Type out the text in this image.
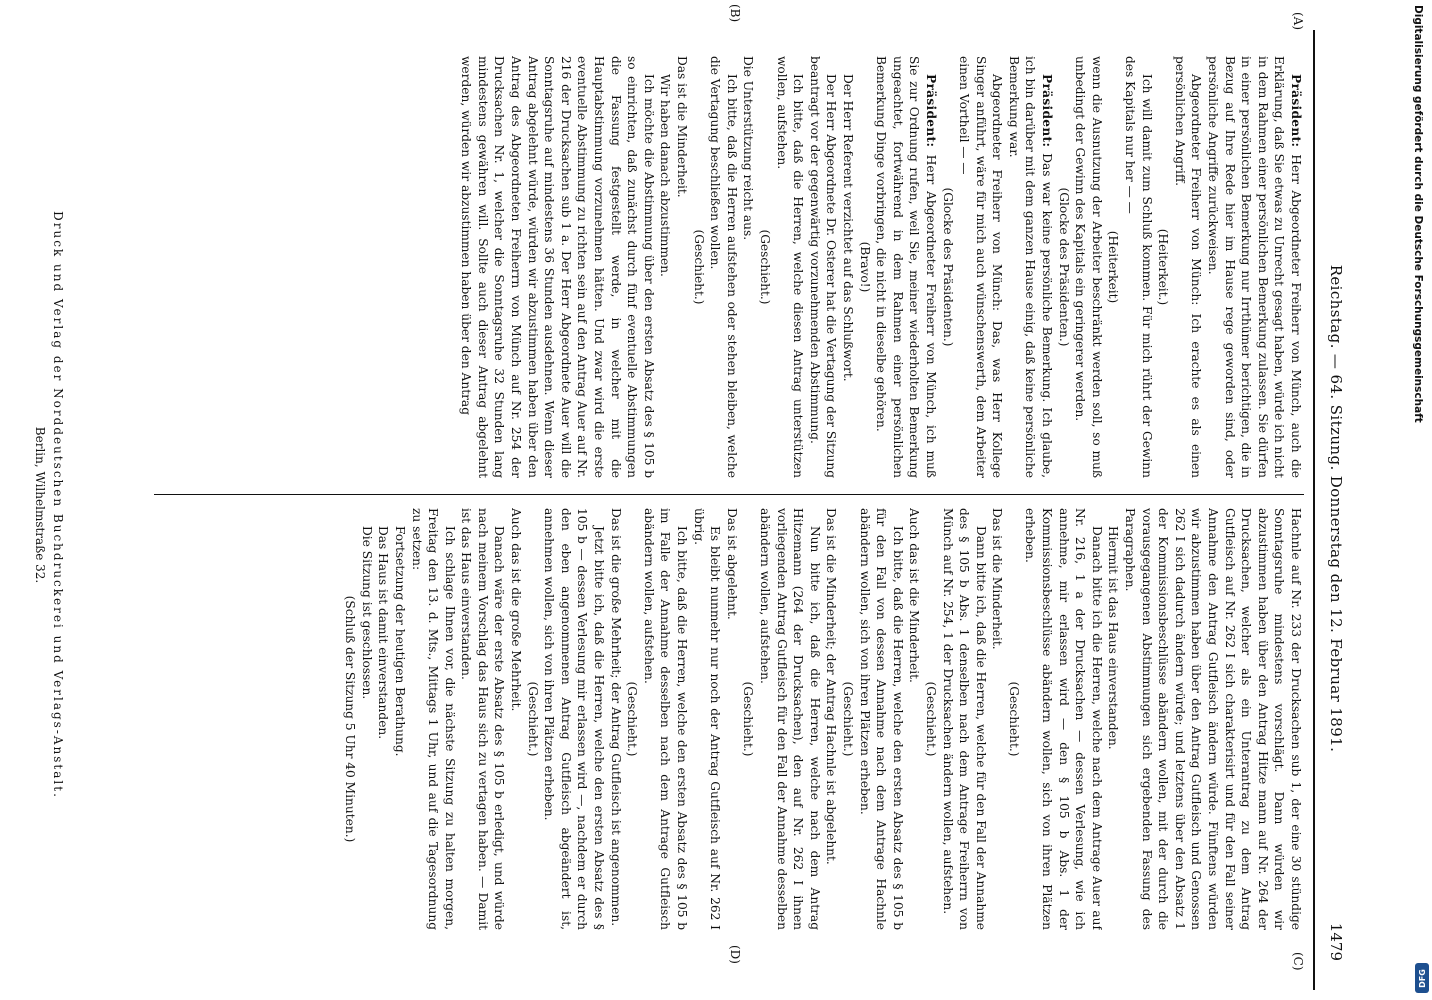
Reichstag. — 64. Sitzung. Donnerstag den 12. Februar 1891.
1479
(A)
(B)
(C)
(D)

Präsident: Herr Abgeordneter Freiherr von Münch, auch die Erklärung, daß Sie etwas zu Unrecht gesagt haben, würde ich nicht in dem Rahmen einer persönlichen Bemerkung zulassen. Sie dürfen in einer persönlichen Bemerkung nur Irrthümer berichtigen, die in Bezug auf Ihre Rede hier im Hause rege geworden sind, oder persönliche Angriffe zurückweisen.

Abgeordneter Freiherr von Münch: Ich erachte es als einen persönlichen Angriff.

(Heiterkeit.)

Ich will damit zum Schluß kommen. Für mich rührt der Gewinn des Kapitals nur her — —

(Heiterkeit)

wenn die Ausnutzung der Arbeiter beschränkt werden soll, so muß unbedingt der Gewinn des Kapitals ein geringerer werden.

(Glocke des Präsidenten.)

Präsident: Das war keine persönliche Bemerkung. Ich glaube, ich bin darüber mit dem ganzen Hause einig, daß keine persönliche Bemerkung war.

Abgeordneter Freiherr von Münch: Das, was Herr Kollege Singer anführt, wäre für mich auch wünschenswerth, dem Arbeiter einen Vortheil — —

(Glocke des Präsidenten.)

Präsident: Herr Abgeordneter Freiherr von Münch, ich muß Sie zur Ordnung rufen, weil Sie, meiner wiederholten Bemerkung ungeachtet, fortwährend in dem Rahmen einer persönlichen Bemerkung Dinge vorbringen, die nicht in dieselbe gehören.

(Bravo!)

Der Herr Referent verzichtet auf das Schlußwort.

Der Herr Abgeordnete Dr. Osterer hat die Vertagung der Sitzung beantragt vor der gegenwärtig vorzunehmenden Abstimmung.

Ich bitte, daß die Herren, welche diesen Antrag unterstützen wollen, aufstehen.

(Geschieht.)

Die Unterstützung reicht aus.

Ich bitte, daß die Herren aufstehen oder stehen bleiben, welche die Vertagung beschließen wollen.

(Geschieht.)

Das ist die Minderheit.

Wir haben danach abzustimmen.

Ich möchte die Abstimmung über den ersten Absatz des § 105 b so einrichten, daß zunächst durch fünf eventuelle Abstimmungen die Fassung festgestellt werde, in welcher mit die Hauptabstimmung vorzunehmen hätten. Und zwar wird die erste eventuelle Abstimmung zu richten sein auf den Antrag Auer auf Nr. 216 der Drucksachen sub 1 a. Der Herr Abgeordnete Auer will die Sonntagsruhe auf mindestens 36 Stunden ausdehnen. Wenn dieser Antrag abgelehnt würde, würden wir abzustimmen haben über den Antrag des Abgeordneten Freiherrn von Münch auf Nr. 254 der Drucksachen Nr. 1, welcher die Sonntagsruhe 32 Stunden lang mindestens gewähren will. Sollte auch dieser Antrag abgelehnt werden, würden wir abzustimmen haben über den Antrag

Hachnle auf Nr. 233 der Drucksachen sub 1, der eine 30 stündige Sonntagsruhe mindestens vorschlägt. Dann würden wir abzustimmen haben über den Antrag Hitze mann auf Nr. 264 der Drucksachen, welcher als ein Unterantrag zu dem Antrag Gutfleisch auf Nr. 262 I sich charakterisirt und für den Fall seiner Annahme den Antrag Gutfleisch ändern würde. Fünftens würden wir abzustimmen haben über den Antrag Gutfleisch und Genossen 262 I sich dadurch ändern würde; und letztens über den Absatz 1 der Kommissionsbeschlüsse abändern wollen, mit der durch die vorausgegangenen Abstimmungen sich ergebenden Fassung des Paragraphen.

Hiermit ist das Haus einverstanden.

Danach bitte ich die Herren, welche nach dem Antrage Auer auf Nr. 216, 1 a der Drucksachen — dessen Verlesung, wie ich annehme, mir erlassen wird — den § 105 b Abs. 1 der Kommissionsbeschlüsse abändern wollen, sich von ihren Plätzen erheben.

(Geschieht.)

Das ist die Minderheit.

Dann bitte ich, daß die Herren, welche für den Fall der Annahme des § 105 b Abs. 1 denselben nach dem Antrage Freiherrn von Münch auf Nr. 254, 1 der Drucksachen ändern wollen, aufstehen.

(Geschieht.)

Auch das ist die Minderheit.

Ich bitte, daß die Herren, welche den ersten Absatz des § 105 b für den Fall von dessen Annahme nach dem Antrage Hachnle abändern wollen, sich von ihren Plätzen erheben.

(Geschieht.)

Das ist die Minderheit; der Antrag Hachnle ist abgelehnt.

Nun bitte ich, daß die Herren, welche nach dem Antrag Hitzemann (264 der Drucksachen), den auf Nr. 262 I ihnen vorliegenden Antrag Gutfleisch für den Fall der Annahme desselben abändern wollen, aufstehen.

(Geschieht.)

Das ist abgelehnt.

Es bleibt nunmehr nur noch der Antrag Gutfleisch auf Nr. 262 I übrig.

Ich bitte, daß die Herren, welche den ersten Absatz des § 105 b im Falle der Annahme desselben nach dem Antrage Gutfleisch abändern wollen, aufstehen.

(Geschieht.)

Das ist die große Mehrheit; der Antrag Gutfleisch ist angenommen.

Jetzt bitte ich, daß die Herren, welche den ersten Absatz des § 105 b — dessen Verlesung mir erlassen wird —, nachdem er durch den eben angenommenen Antrag Gutfleisch abgeändert ist, annehmen wollen, sich von ihren Plätzen erheben.

(Geschieht.)

Auch das ist die große Mehrheit.

Danach wäre der erste Absatz des § 105 b erledigt, und würde nach meinem Vorschlag das Haus sich zu vertagen haben. — Damit ist das Haus einverstanden.

Ich schlage Ihnen vor, die nächste Sitzung zu halten morgen, Freitag den 13. d. Mts., Mittags 1 Uhr, und auf die Tagesordnung zu setzen:

Fortsetzung der heutigen Berathung.

Das Haus ist damit einverstanden.

Die Sitzung ist geschlossen.

(Schluß der Sitzung 5 Uhr 40 Minuten.)

Druck und Verlag der Norddeutschen Buchdruckerei und Verlags-Anstalt.
Berlin, Wilhelmstraße 32.
Digitalisierung gefördert durch die Deutsche Forschungsgemeinschaft
DFG
